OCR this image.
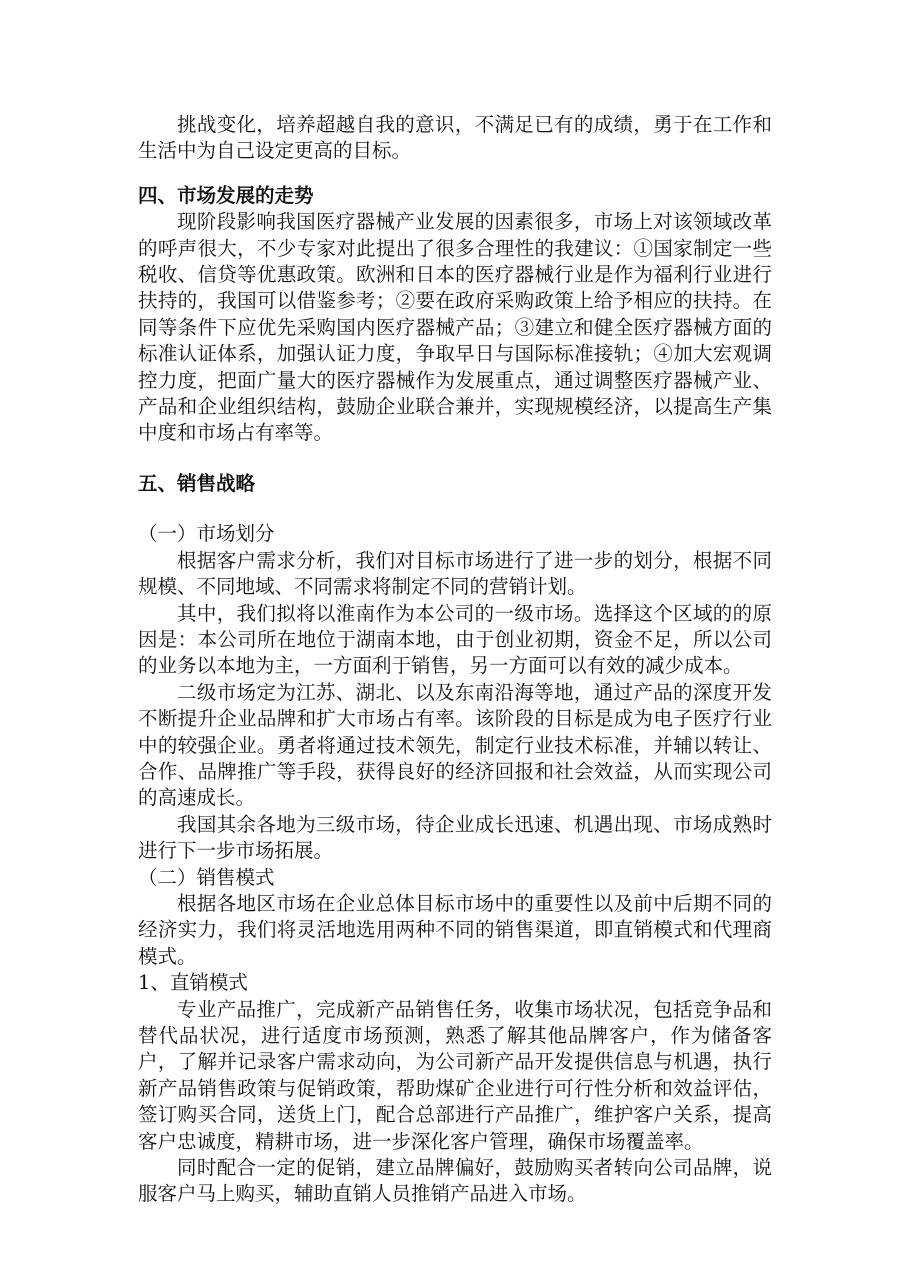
挑战变化，培养超越自我的意识，不满足已有的成绩，勇于在工作和生活中为自己设定更高的目标。

四、市场发展的走势

现阶段影响我国医疗器械产业发展的因素很多，市场上对该领域改革的呼声很大，不少专家对此提出了很多合理性的我建议：①国家制定一些税收、信贷等优惠政策。欧洲和日本的医疗器械行业是作为福利行业进行扶持的，我国可以借鉴参考；②要在政府采购政策上给予相应的扶持。在同等条件下应优先采购国内医疗器械产品；③建立和健全医疗器械方面的标准认证体系，加强认证力度，争取早日与国际标准接轨；④加大宏观调控力度，把面广量大的医疗器械作为发展重点，通过调整医疗器械产业、产品和企业组织结构，鼓励企业联合兼并，实现规模经济，以提高生产集中度和市场占有率等。

五、销售战略

（一）市场划分

根据客户需求分析，我们对目标市场进行了进一步的划分，根据不同规模、不同地域、不同需求将制定不同的营销计划。

其中，我们拟将以淮南作为本公司的一级市场。选择这个区域的的原因是：本公司所在地位于湖南本地，由于创业初期，资金不足，所以公司的业务以本地为主，一方面利于销售，另一方面可以有效的减少成本。

二级市场定为江苏、湖北、以及东南沿海等地，通过产品的深度开发不断提升企业品牌和扩大市场占有率。该阶段的目标是成为电子医疗行业中的较强企业。勇者将通过技术领先，制定行业技术标准，并辅以转让、合作、品牌推广等手段，获得良好的经济回报和社会效益，从而实现公司的高速成长。

我国其余各地为三级市场，待企业成长迅速、机遇出现、市场成熟时进行下一步市场拓展。

（二）销售模式

根据各地区市场在企业总体目标市场中的重要性以及前中后期不同的经济实力，我们将灵活地选用两种不同的销售渠道，即直销模式和代理商模式。

1、直销模式

专业产品推广，完成新产品销售任务，收集市场状况，包括竞争品和替代品状况，进行适度市场预测，熟悉了解其他品牌客户，作为储备客户，了解并记录客户需求动向，为公司新产品开发提供信息与机遇，执行新产品销售政策与促销政策，帮助煤矿企业进行可行性分析和效益评估，签订购买合同，送货上门，配合总部进行产品推广，维护客户关系，提高客户忠诚度，精耕市场，进一步深化客户管理，确保市场覆盖率。

同时配合一定的促销，建立品牌偏好，鼓励购买者转向公司品牌，说服客户马上购买，辅助直销人员推销产品进入市场。
